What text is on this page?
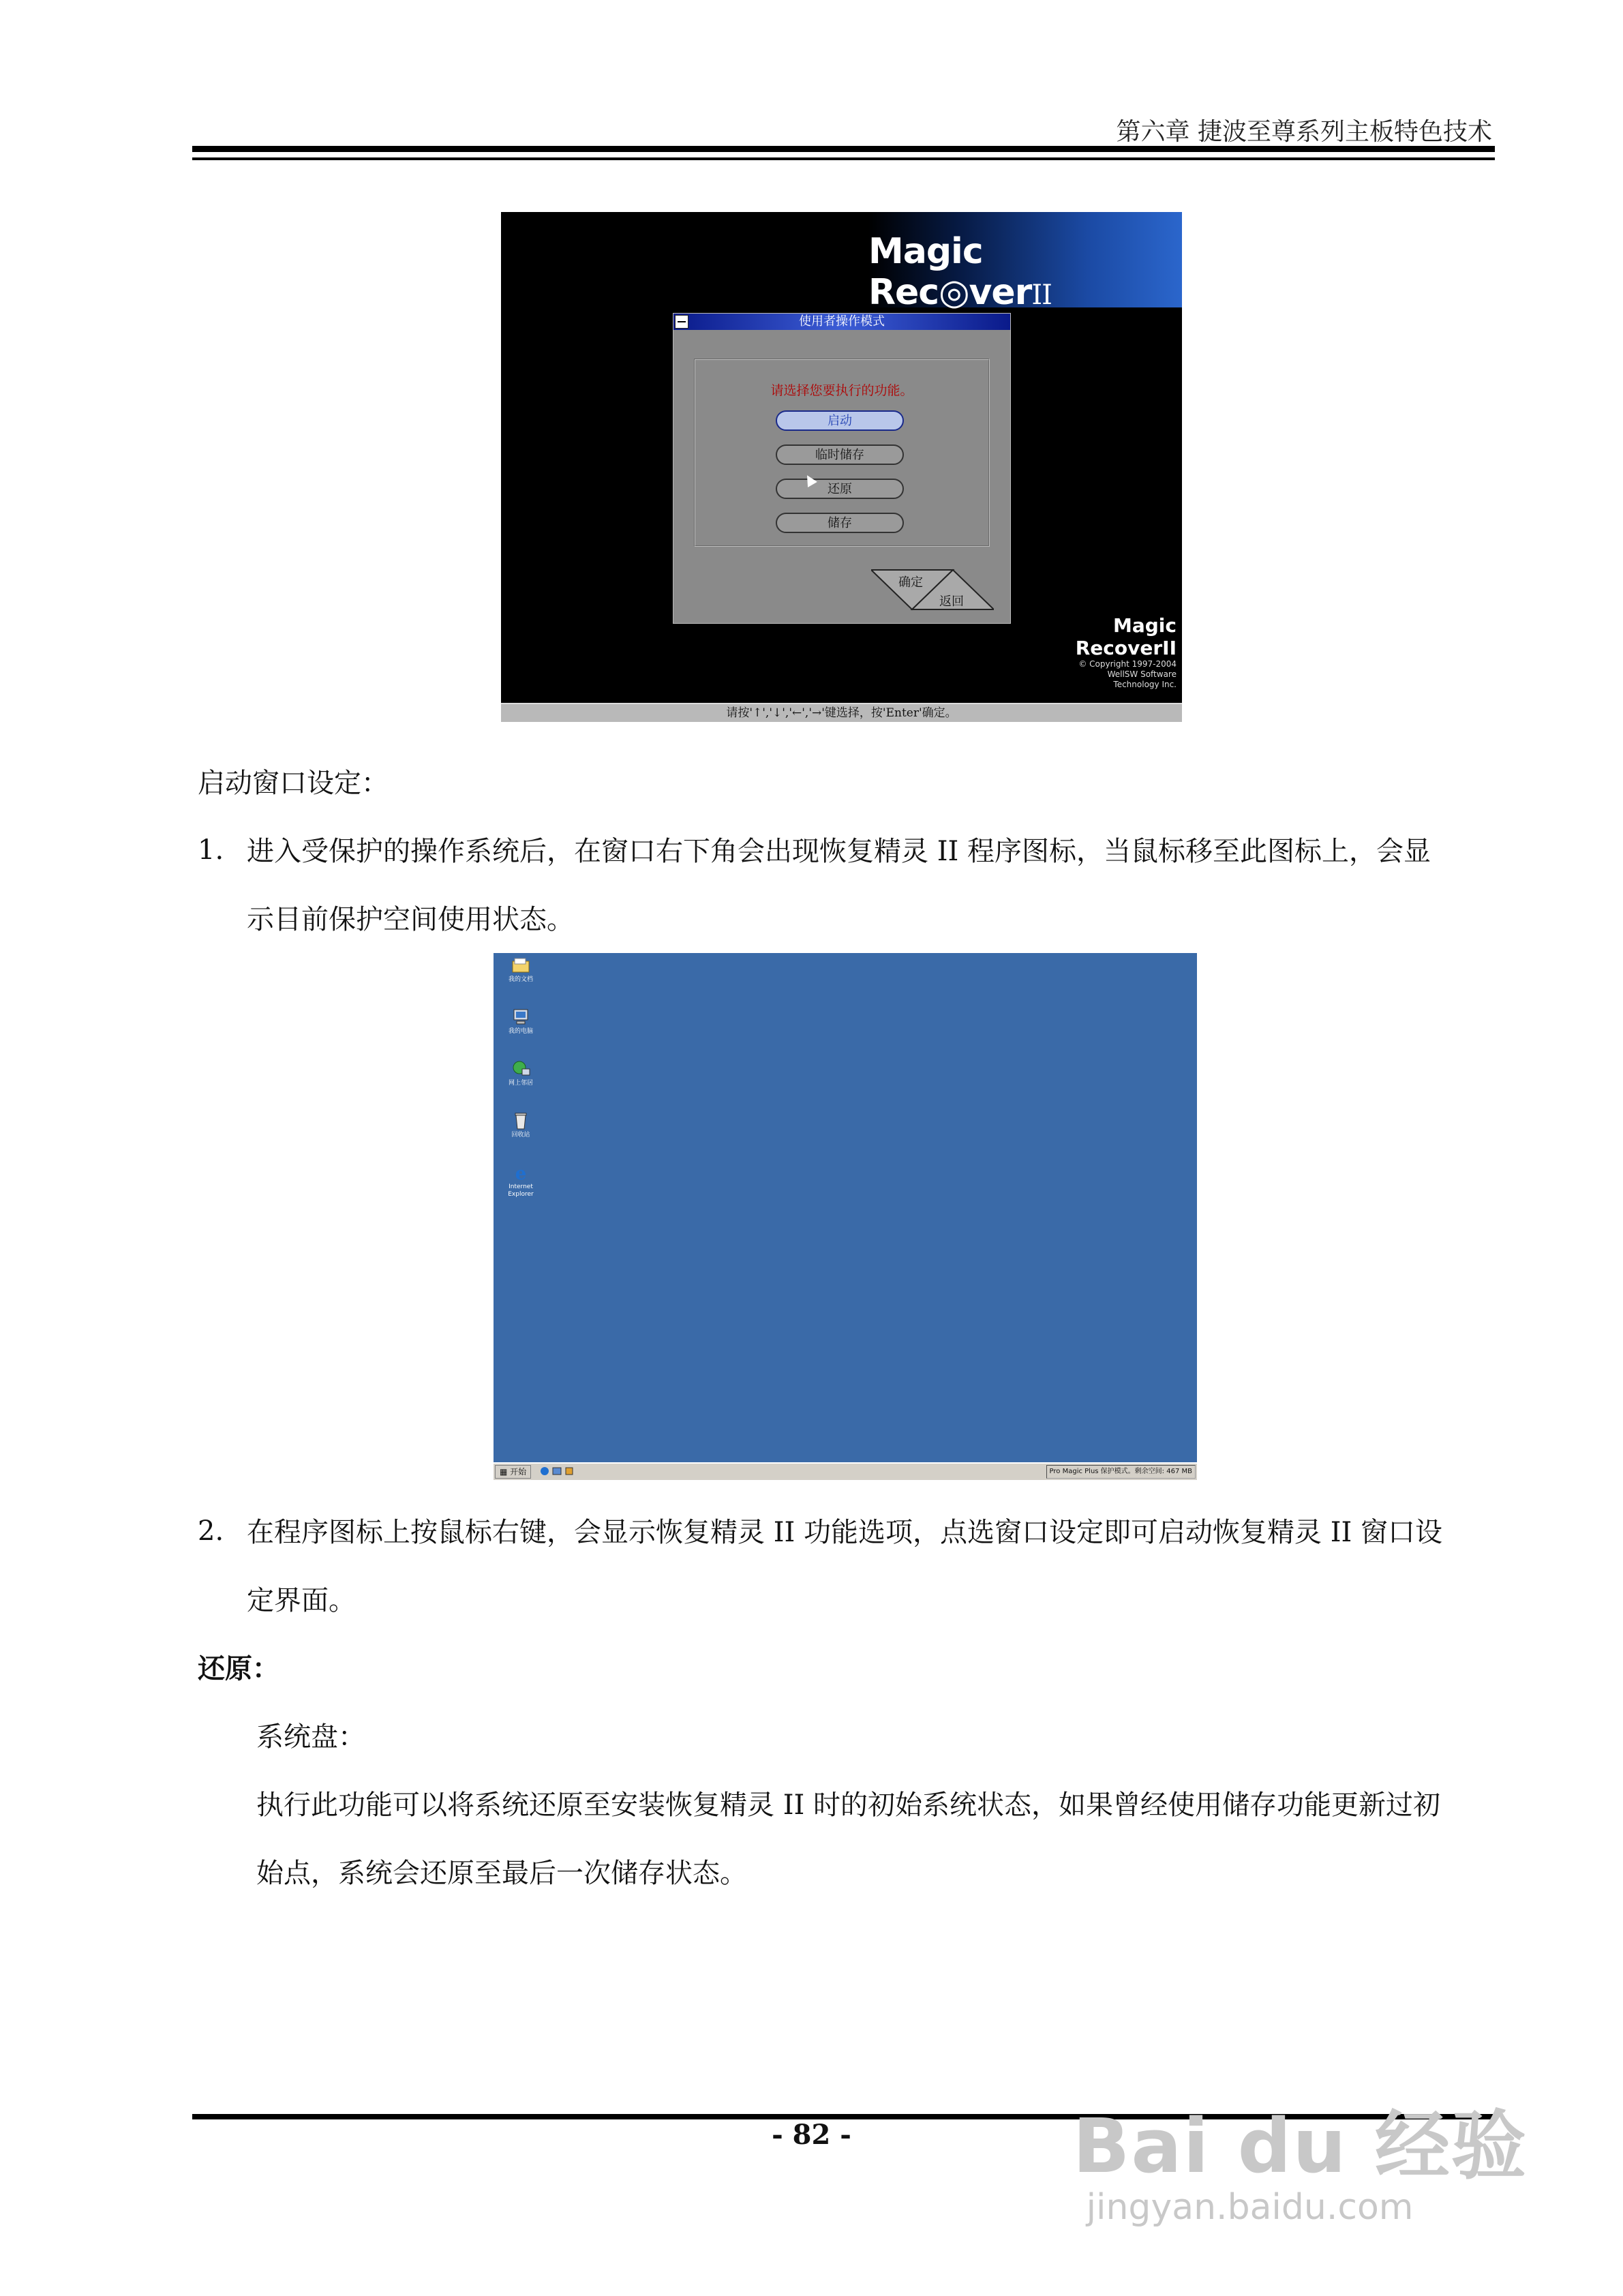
第六章 捷波至尊系列主板特色技术
Magic Rec◎verII
使用者操作模式
请选择您要执行的功能。
启动
临时储存
还原
储存
确定
返回
Magic RecoverII
© Copyright 1997-2004
WellSW Software
Technology Inc.
请按'↑','↓','←','→'键选择，按'Enter'确定。
启动窗口设定：
1. 进入受保护的操作系统后，在窗口右下角会出现恢复精灵 II 程序图标，当鼠标移至此图标上，会显
示目前保护空间使用状态。
我的文档
我的电脑
网上邻居
回收站
e
Internet Explorer
▦ 开始	Pro Magic Plus 保护模式。剩余空间: 467 MB
2. 在程序图标上按鼠标右键，会显示恢复精灵 II 功能选项，点选窗口设定即可启动恢复精灵 II 窗口设
定界面。
还原：
系统盘：
执行此功能可以将系统还原至安装恢复精灵 II 时的初始系统状态，如果曾经使用储存功能更新过初
始点，系统会还原至最后一次储存状态。
- 82 -	Bai du 经验
jingyan.baidu.com
